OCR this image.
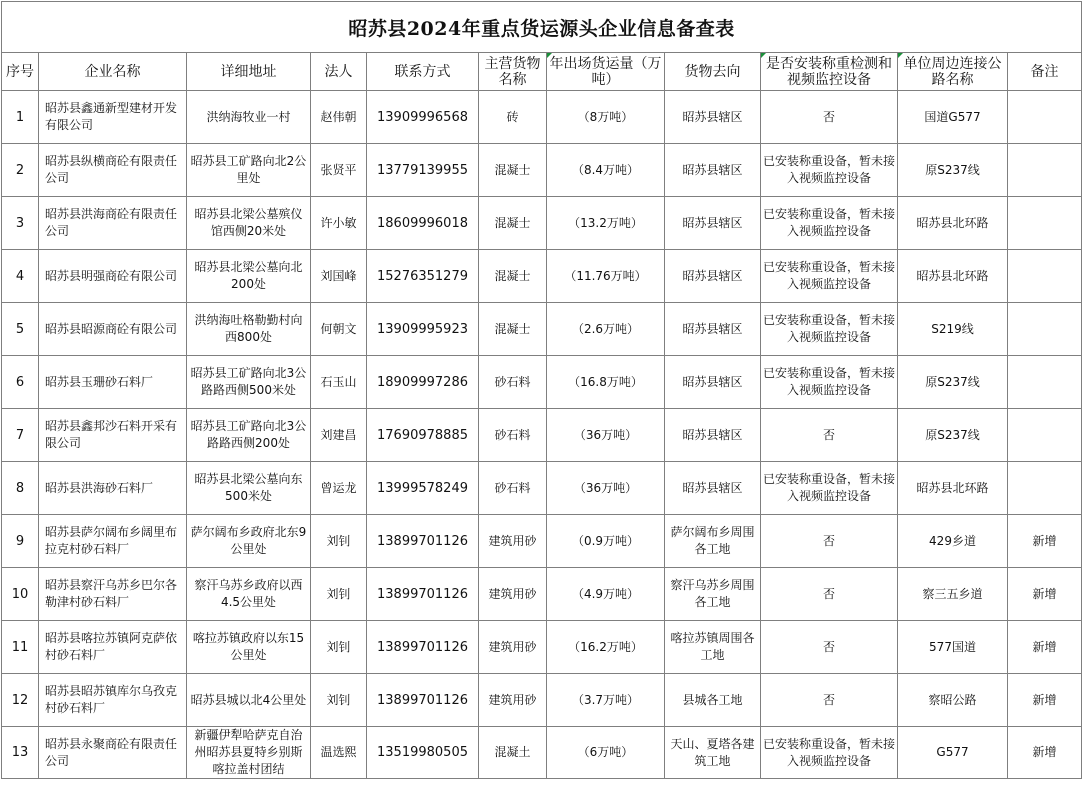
昭苏县2024年重点货运源头企业信息备查表										
序号	企业名称	详细地址	法人	联系方式	主营货物名称	年出场货运量（万吨）	货物去向	是否安装称重检测和视频监控设备	单位周边连接公路名称	备注
1	昭苏县鑫通新型建材开发有限公司	洪纳海牧业一村	赵伟朝	13909996568	砖	（8万吨）	昭苏县辖区	否	国道G577	
2	昭苏县纵横商砼有限责任公司	昭苏县工矿路向北2公里处	张贤平	13779139955	混凝士	（8.4万吨）	昭苏县辖区	已安装称重设备，暂未接入视频监控设备	原S237线	
3	昭苏县洪海商砼有限责任公司	昭苏县北梁公墓殡仪馆西侧20米处	许小敏	18609996018	混凝士	（13.2万吨）	昭苏县辖区	已安装称重设备，暂未接入视频监控设备	昭苏县北环路	
4	昭苏县明强商砼有限公司	昭苏县北梁公墓向北200处	刘国峰	15276351279	混凝士	（11.76万吨）	昭苏县辖区	已安装称重设备，暂未接入视频监控设备	昭苏县北环路	
5	昭苏县昭源商砼有限公司	洪纳海吐格勒勤村向西800处	何朝文	13909995923	混凝士	（2.6万吨）	昭苏县辖区	已安装称重设备，暂未接入视频监控设备	S219线	
6	昭苏县玉珊砂石料厂	昭苏县工矿路向北3公路路西侧500米处	石玉山	18909997286	砂石料	（16.8万吨）	昭苏县辖区	已安装称重设备，暂未接入视频监控设备	原S237线	
7	昭苏县鑫邦沙石料开采有限公司	昭苏县工矿路向北3公路路西侧200处	刘建昌	17690978885	砂石料	（36万吨）	昭苏县辖区	否	原S237线	
8	昭苏县洪海砂石料厂	昭苏县北梁公墓向东500米处	曾运龙	13999578249	砂石料	（36万吨）	昭苏县辖区	已安装称重设备，暂未接入视频监控设备	昭苏县北环路	
9	昭苏县萨尔阔布乡阔里布拉克村砂石料厂	萨尔阔布乡政府北东9公里处	刘钊	13899701126	建筑用砂	（0.9万吨）	萨尔阔布乡周围各工地	否	429乡道	新增
10	昭苏县察汗乌苏乡巴尔各勒津村砂石料厂	察汗乌苏乡政府以西4.5公里处	刘钊	13899701126	建筑用砂	（4.9万吨）	察汗乌苏乡周围各工地	否	察三五乡道	新增
11	昭苏县喀拉苏镇阿克萨依村砂石料厂	喀拉苏镇政府以东15公里处	刘钊	13899701126	建筑用砂	（16.2万吨）	喀拉苏镇周围各工地	否	577国道	新增
12	昭苏县昭苏镇库尔乌孜克村砂石料厂	昭苏县城以北4公里处	刘钊	13899701126	建筑用砂	（3.7万吨）	县城各工地	否	察昭公路	新增
13	昭苏县永聚商砼有限责任公司	新疆伊犁哈萨克自治州昭苏县夏特乡别斯喀拉盖村团结	温选熙	13519980505	混凝土	（6万吨）	天山、夏塔各建筑工地	已安装称重设备，暂未接入视频监控设备	G577	新增
